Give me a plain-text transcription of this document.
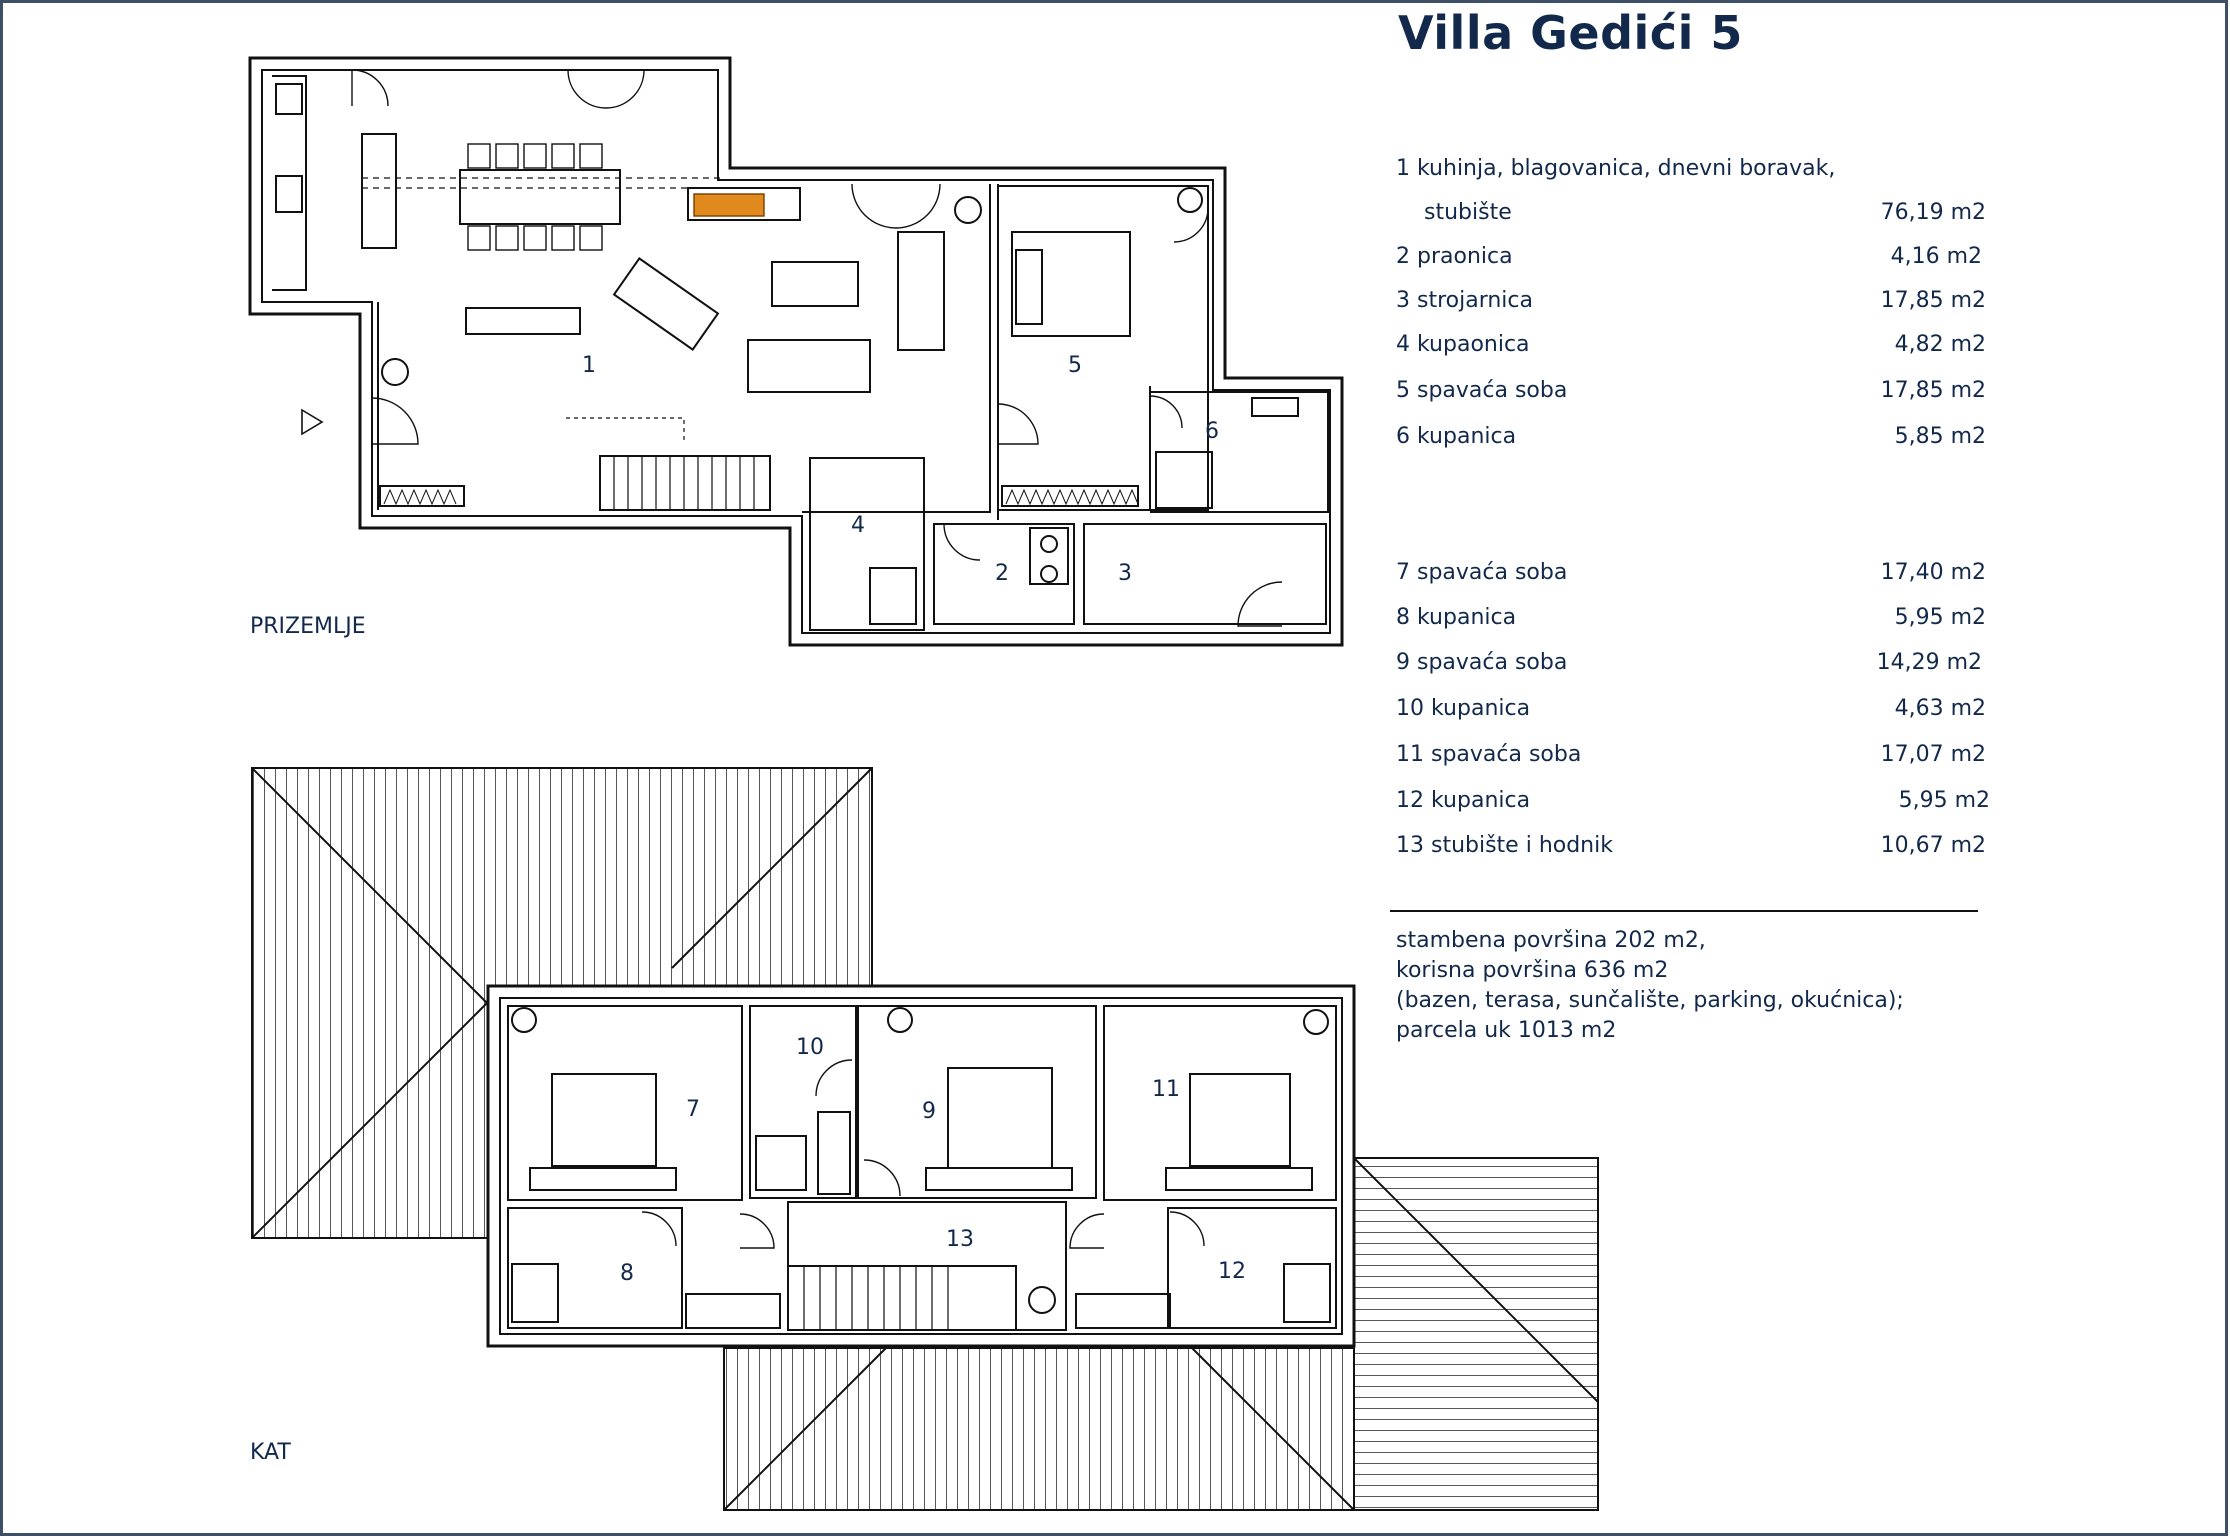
Villa Gedići 5
1 kuhinja, blagovanica, dnevni boravak,
stubište	76,19 m2
2 praonica	4,16 m2
3 strojarnica	17,85 m2
4 kupaonica	4,82 m2
5 spavaća soba	17,85 m2
6 kupanica	5,85 m2
7 spavaća soba	17,40 m2
8 kupanica	5,95 m2
9 spavaća soba	14,29 m2
10 kupanica	4,63 m2
11 spavaća soba	17,07 m2
12 kupanica	5,95 m2
13 stubište i hodnik	10,67 m2
stambena površina 202 m2,
korisna površina 636 m2
(bazen, terasa, sunčalište, parking, okućnica);
parcela uk 1013 m2
PRIZEMLJE
KAT
1
2	3
4
5
6
7
8
9
10
11
12
13
